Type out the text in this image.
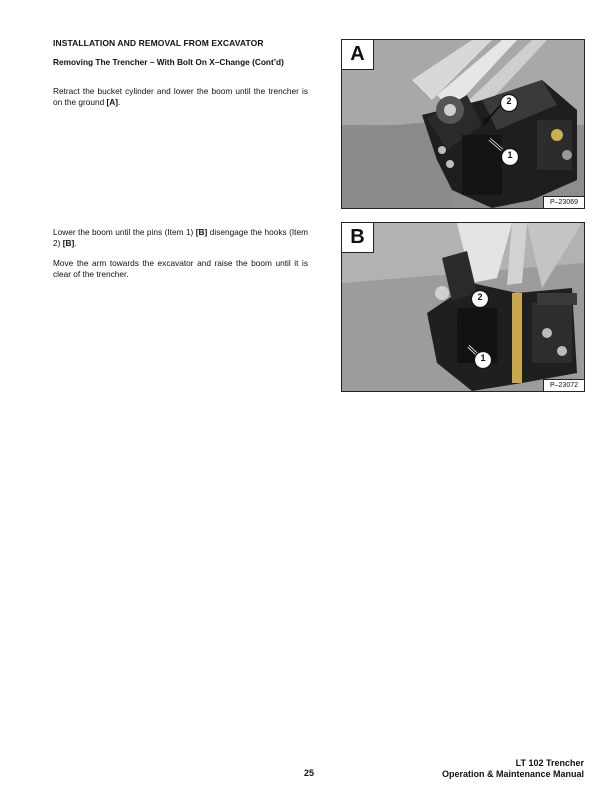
INSTALLATION AND REMOVAL FROM EXCAVATOR
Removing The Trencher – With Bolt On X–Change (Cont’d)

Retract the bucket cylinder and lower the boom until the trencher is on the ground [A].

Lower the boom until the pins (Item 1) [B] disengage the hooks (Item 2) [B].

Move the arm towards the excavator and raise the boom until it is clear of the trencher.

2
1
A
P–23069
2
1
B
P–23072
25
LT 102 Trencher
Operation & Maintenance Manual
